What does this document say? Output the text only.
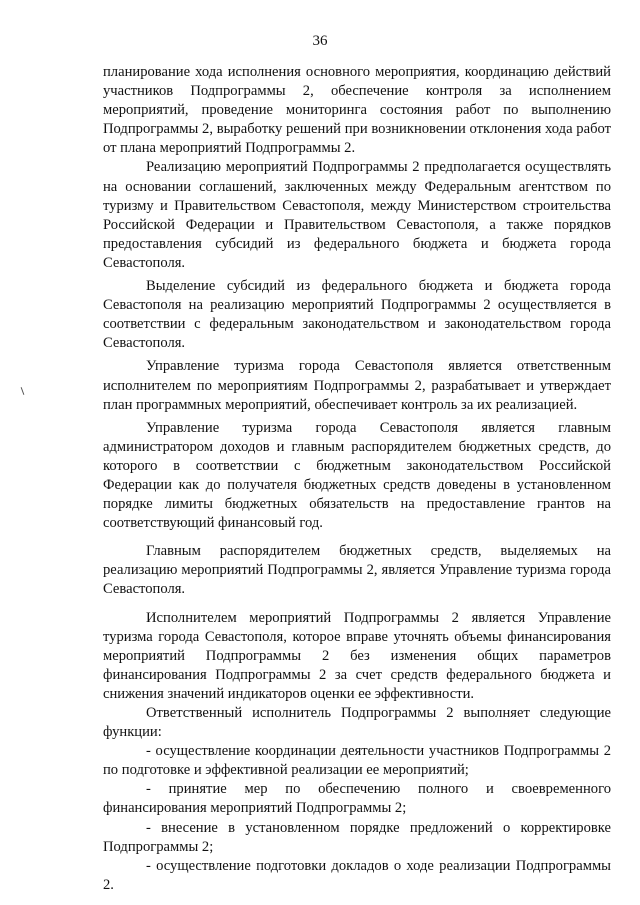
36

планирование хода исполнения основного мероприятия, координацию действий участников Подпрограммы 2, обеспечение контроля за исполнением мероприятий, проведение мониторинга состояния работ по выполнению Подпрограммы 2, выработку решений при возникновении отклонения хода работ от плана мероприятий Подпрограммы 2.

Реализацию мероприятий Подпрограммы 2 предполагается осуществлять на основании соглашений, заключенных между Федеральным агентством по туризму и Правительством Севастополя, между Министерством строительства Российской Федерации и Правительством Севастополя, а также порядков предоставления субсидий из федерального бюджета и бюджета города Севастополя.

Выделение субсидий из федерального бюджета и бюджета города Севастополя на реализацию мероприятий Подпрограммы 2 осуществляется в соответствии с федеральным законодательством и законодательством города Севастополя.

Управление туризма города Севастополя является ответственным исполнителем по мероприятиям Подпрограммы 2, разрабатывает и утверждает план программных мероприятий, обеспечивает контроль за их реализацией.

Управление туризма города Севастополя является главным администратором доходов и главным распорядителем бюджетных средств, до которого в соответствии с бюджетным законодательством Российской Федерации как до получателя бюджетных средств доведены в установленном порядке лимиты бюджетных обязательств на предоставление грантов на соответствующий финансовый год.

Главным распорядителем бюджетных средств, выделяемых на реализацию мероприятий Подпрограммы 2, является Управление туризма города Севастополя.

Исполнителем мероприятий Подпрограммы 2 является Управление туризма города Севастополя, которое вправе уточнять объемы финансирования мероприятий Подпрограммы 2 без изменения общих параметров финансирования Подпрограммы 2 за счет средств федерального бюджета и снижения значений индикаторов оценки ее эффективности.

Ответственный исполнитель Подпрограммы 2 выполняет следующие функции:

- осуществление координации деятельности участников Подпрограммы 2 по подготовке и эффективной реализации ее мероприятий;

- принятие мер по обеспечению полного и своевременного финансирования мероприятий Подпрограммы 2;

- внесение в установленном порядке предложений о корректировке Подпрограммы 2;

- осуществление подготовки докладов о ходе реализации Подпрограммы 2.
